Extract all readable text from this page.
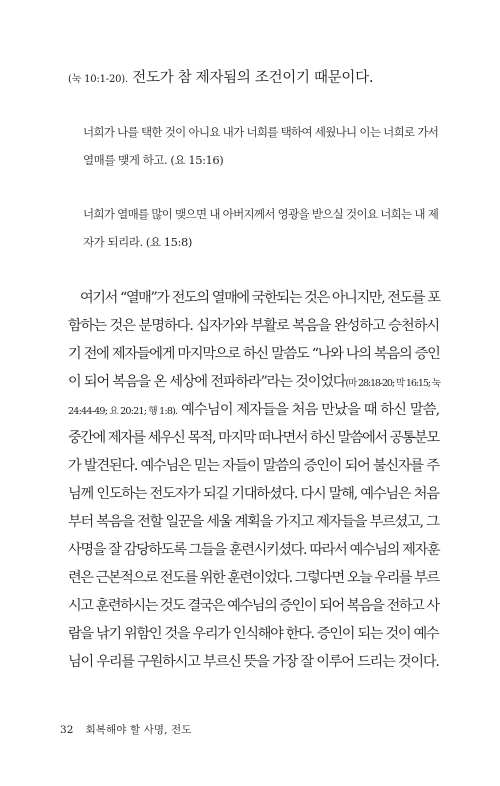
(눅 10:1-20). 전도가 참 제자됨의 조건이기 때문이다.
너희가 나를 택한 것이 아니요 내가 너희를 택하여 세웠나니 이는 너희로 가서
열매를 맺게 하고. (요 15:16)
너희가 열매를 많이 맺으면 내 아버지께서 영광을 받으실 것이요 너희는 내 제
자가 되리라. (요 15:8)
여기서 “열매”가 전도의 열매에 국한되는 것은 아니지만, 전도를 포
함하는 것은 분명하다. 십자가와 부활로 복음을 완성하고 승천하시
기 전에 제자들에게 마지막으로 하신 말씀도 “나와 나의 복음의 증인
이 되어 복음을 온 세상에 전파하라”라는 것이었다(마 28:18-20; 막 16:15; 눅
24:44-49; 요 20:21; 행 1:8). 예수님이 제자들을 처음 만났을 때 하신 말씀,
중간에 제자를 세우신 목적, 마지막 떠나면서 하신 말씀에서 공통분모
가 발견된다. 예수님은 믿는 자들이 말씀의 증인이 되어 불신자를 주
님께 인도하는 전도자가 되길 기대하셨다. 다시 말해, 예수님은 처음
부터 복음을 전할 일꾼을 세울 계획을 가지고 제자들을 부르셨고, 그
사명을 잘 감당하도록 그들을 훈련시키셨다. 따라서 예수님의 제자훈
련은 근본적으로 전도를 위한 훈련이었다. 그렇다면 오늘 우리를 부르
시고 훈련하시는 것도 결국은 예수님의 증인이 되어 복음을 전하고 사
람을 낚기 위함인 것을 우리가 인식해야 한다. 증인이 되는 것이 예수
님이 우리를 구원하시고 부르신 뜻을 가장 잘 이루어 드리는 것이다.
32 회복해야 할 사명, 전도
